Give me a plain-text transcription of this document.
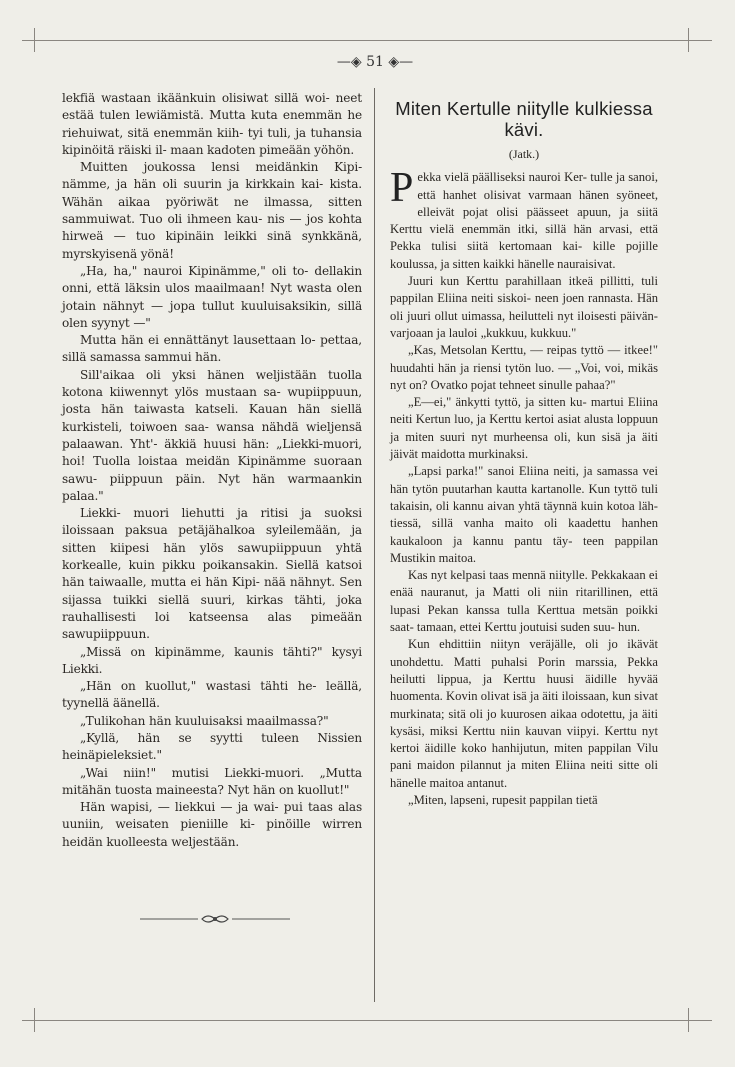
—◈ 51 ◈—

lekfiä wastaan ikäänkuin olisiwat sillä woi- neet estää tulen lewiämistä. Mutta kuta enemmän he riehuiwat, sitä enemmän kiih- tyi tuli, ja tuhansia kipinöitä räiski il- maan kadoten pimeään yöhön.

Muitten joukossa lensi meidänkin Kipi- nämme, ja hän oli suurin ja kirkkain kai- kista. Wähän aikaa pyöriwät ne ilmassa, sitten sammuiwat. Tuo oli ihmeen kau- nis — jos kohta hirweä — tuo kipinäin leikki sinä synkkänä, myrskyisenä yönä!

„Ha, ha," nauroi Kipinämme," oli to- dellakin onni, että läksin ulos maailmaan! Nyt wasta olen jotain nähnyt — jopa tullut kuuluisaksikin, sillä olen syynyt —"

Mutta hän ei ennättänyt lausettaan lo- pettaa, sillä samassa sammui hän.

Sill'aikaa oli yksi hänen weljistään tuolla kotona kiiwennyt ylös mustaan sa- wupiippuun, josta hän taiwasta katseli. Kauan hän siellä kurkisteli, toiwoen saa- wansa nähdä wieljensä palaawan. Yht'- äkkiä huusi hän: „Liekki-muori, hoi! Tuolla loistaa meidän Kipinämme suoraan sawu- piippuun päin. Nyt hän warmaankin palaa."

Liekki- muori liehutti ja ritisi ja suoksi iloissaan paksua petäjähalkoa syleilemään, ja sitten kiipesi hän ylös sawupiippuun yhtä korkealle, kuin pikku poikansakin. Siellä katsoi hän taiwaalle, mutta ei hän Kipi- nää nähnyt. Sen sijassa tuikki siellä suuri, kirkas tähti, joka rauhallisesti loi katseensa alas pimeään sawupiippuun.

„Missä on kipinämme, kaunis tähti?" kysyi Liekki.

„Hän on kuollut," wastasi tähti he- leällä, tyynellä äänellä.

„Tulikohan hän kuuluisaksi maailmassa?"

„Kyllä, hän se syytti tuleen Nissien heinäpieleksiet."

„Wai niin!" mutisi Liekki-muori. „Mutta mitähän tuosta maineesta? Nyt hän on kuollut!"

Hän wapisi, — liekkui — ja wai- pui taas alas uuniin, weisaten pieniille ki- pinöille wirren heidän kuolleesta weljestään.

Miten Kertulle niitylle kulkiessa kävi.
(Jatk.)

Pekka vielä päälliseksi nauroi Ker- tulle ja sanoi, että hanhet olisivat varmaan hänen syöneet, elleivät pojat olisi päässeet apuun, ja siitä Kerttu vielä enemmän itki, sillä hän arvasi, että Pekka tulisi siitä kertomaan kai- kille pojille koulussa, ja sitten kaikki hänelle nauraisivat.

Juuri kun Kerttu parahillaan itkeä pillitti, tuli pappilan Eliina neiti siskoi- neen joen rannasta. Hän oli juuri ollut uimassa, heilutteli nyt iloisesti päivän- varjoaan ja lauloi „kukkuu, kukkuu."

„Kas, Metsolan Kerttu, — reipas tyttö — itkee!" huudahti hän ja riensi tytön luo. — „Voi, voi, mikäs nyt on? Ovatko pojat tehneet sinulle pahaa?"

„E—ei," änkytti tyttö, ja sitten ku- martui Eliina neiti Kertun luo, ja Kerttu kertoi asiat alusta loppuun ja miten suuri nyt murheensa oli, kun sisä ja äiti jäivät maidotta murkinaksi.

„Lapsi parka!" sanoi Eliina neiti, ja samassa vei hän tytön puutarhan kautta kartanolle. Kun tyttö tuli takaisin, oli kannu aivan yhtä täynnä kuin kotoa läh- tiessä, sillä vanha maito oli kaadettu hanhen kaukaloon ja kannu pantu täy- teen pappilan Mustikin maitoa.

Kas nyt kelpasi taas mennä niitylle. Pekkakaan ei enää nauranut, ja Matti oli niin ritarillinen, että lupasi Pekan kanssa tulla Kerttua metsän poikki saat- tamaan, ettei Kerttu joutuisi suden suu- hun.

Kun ehdittiin niityn veräjälle, oli jo ikävät unohdettu. Matti puhalsi Porin marssia, Pekka heilutti lippua, ja Kerttu huusi äidille hyvää huomenta. Kovin olivat isä ja äiti iloissaan, kun sivat murkinata; sitä oli jo kuurosen aikaa odotettu, ja äiti kysäsi, miksi Kerttu niin kauvan viipyi. Kerttu nyt kertoi äidille koko hanhijutun, miten pappilan Vilu pani maidon pilannut ja miten Eliina neiti sitte oli hänelle maitoa antanut.

„Miten, lapseni, rupesit pappilan tietä
